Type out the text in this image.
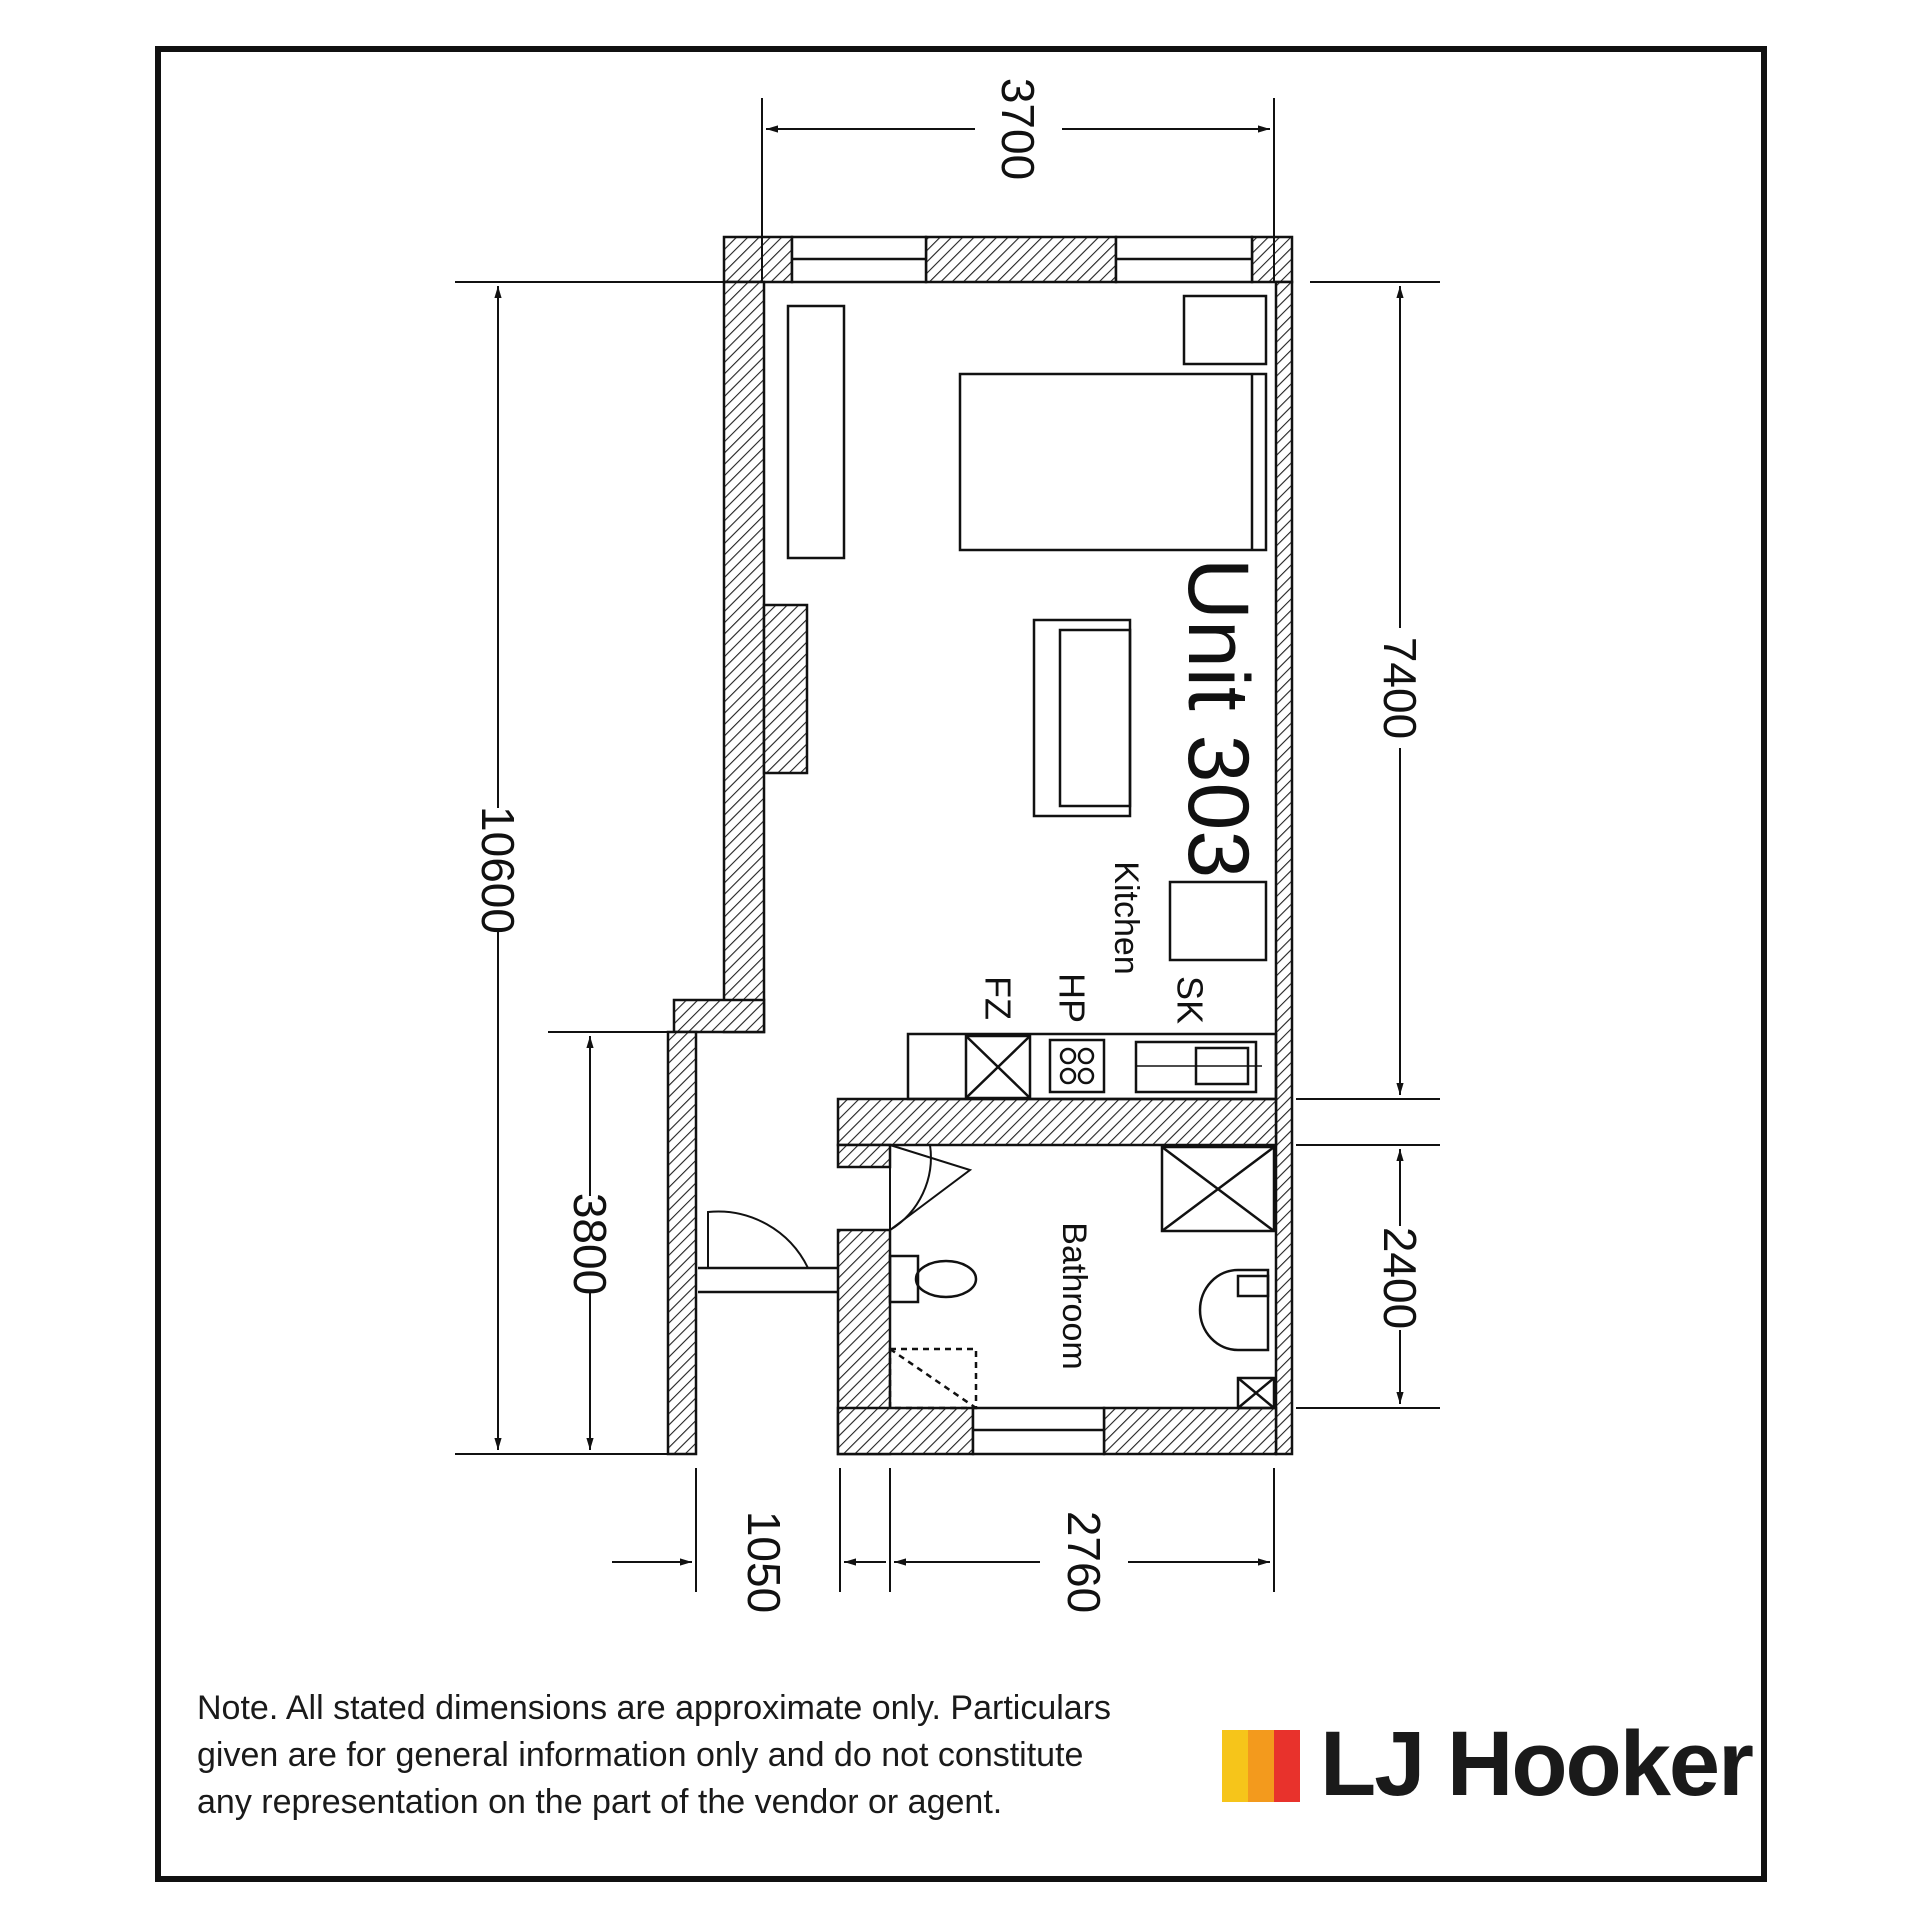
3700
10600
3800
7400
2400
1050	2760
Unit 303
Kitchen
Bathroom
FZ HP SK
Note. All stated dimensions are approximate only. Particulars
given are for general information only and do not constitute
any representation on the part of the vendor or agent.	LJ Hooker
